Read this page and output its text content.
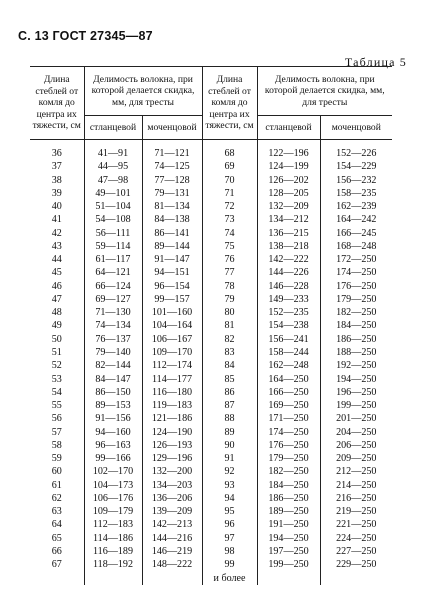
С. 13 ГОСТ 27345—87
Таблица 5
Длина стеблей от комля до центра их тяжести, см	Делимость волокна, при которой делается скидка, мм, для тресты		Длина стеблей от комля до центра их тяжести, см	Делимость волокна, при которой делается скидка, мм, для тресты	
	стланцевой	моченцовой		стланцевой	моченцовой

36	41—91	71—121	68	122—196	152—226
37	44—95	74—125	69	124—199	154—229
38	47—98	77—128	70	126—202	156—232
39	49—101	79—131	71	128—205	158—235
40	51—104	81—134	72	132—209	162—239
41	54—108	84—138	73	134—212	164—242
42	56—111	86—141	74	136—215	166—245
43	59—114	89—144	75	138—218	168—248
44	61—117	91—147	76	142—222	172—250
45	64—121	94—151	77	144—226	174—250
46	66—124	96—154	78	146—228	176—250
47	69—127	99—157	79	149—233	179—250
48	71—130	101—160	80	152—235	182—250
49	74—134	104—164	81	154—238	184—250
50	76—137	106—167	82	156—241	186—250
51	79—140	109—170	83	158—244	188—250
52	82—144	112—174	84	162—248	192—250
53	84—147	114—177	85	164—250	194—250
54	86—150	116—180	86	166—250	196—250
55	89—153	119—183	87	169—250	199—250
56	91—156	121—186	88	171—250	201—250
57	94—160	124—190	89	174—250	204—250
58	96—163	126—193	90	176—250	206—250
59	99—166	129—196	91	179—250	209—250
60	102—170	132—200	92	182—250	212—250
61	104—173	134—203	93	184—250	214—250
62	106—176	136—206	94	186—250	216—250
63	109—179	139—209	95	189—250	219—250
64	112—183	142—213	96	191—250	221—250
65	114—186	144—216	97	194—250	224—250
66	116—189	146—219	98	197—250	227—250
67	118—192	148—222	99	199—250	229—250
			и более		
